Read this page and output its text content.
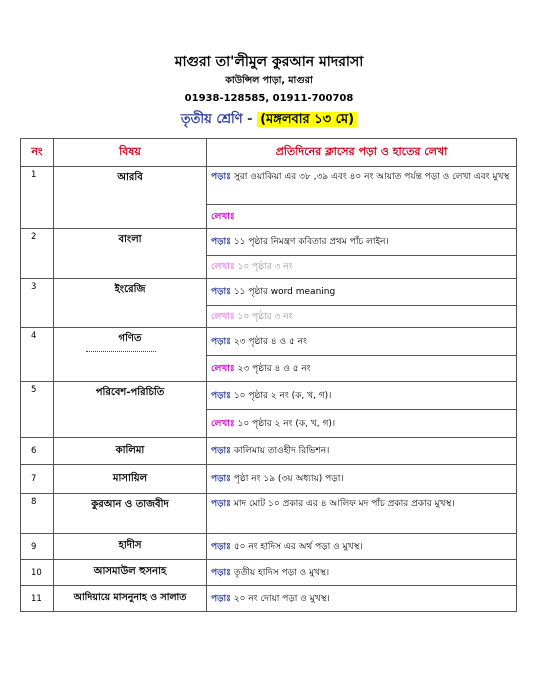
মাগুরা তা'লীমুল কুরআন মাদরাসা
কাউন্সিল পাড়া, মাগুরা
01938-128585, 01911-700708
তৃতীয় শ্রেণি - (মঙ্গলবার ১৩ মে)
নং	বিষয়	প্রতিদিনের ক্লাসের পড়া ও হাতের লেখা
1	আরবি	পড়াঃ সুরা ওয়াকিয়া এর ৩৮ ,৩৯ এবং ৪০ নং আয়াত পর্যন্ত পড়া ও লেখা এবং মুখস্থ
		লেখাঃ
2	বাংলা	পড়াঃ ১১ পৃষ্ঠার নিমন্ত্রণ কবিতার প্রথম পাঁচ লাইন।
		লেখাঃ ১০ পৃষ্ঠার ৩ নং
3	ইংরেজি	পড়াঃ ১১ পৃষ্ঠার word meaning
		লেখাঃ ১০ পৃষ্ঠার ৩ নং
4	গণিত	পড়াঃ ২৩ পৃষ্ঠার ৪ ও ৫ নং
		লেখাঃ ২৩ পৃষ্ঠার ৪ ও ৫ নং
5	পরিবেশ-পরিচিতি	পড়াঃ ১০ পৃষ্ঠার ২ নং (ক, খ, গ)।
		লেখাঃ ১০ পৃষ্ঠার ২ নং (ক, খ, গ)।
6	কালিমা	পড়াঃ কালিমায় তাওহীদ রিভিশন।
7	মাসায়িল	পড়াঃ পৃষ্ঠা নং ১৯ (৩য় অধ্যায়) পড়া।
8	কুরআন ও তাজবীদ	পড়াঃ মাদ মোট ১০ প্রকার এর ৪ আলিফ মদ পাঁচ প্রকার প্রকার মুখস্থ।
9	হাদীস	পড়াঃ ৫০ নং হাদিস এর অর্থ পড়া ও মুখস্থ।
10	আসমাউল হুসনাহ	পড়াঃ তৃতীয় হাদিস পড়া ও মুখস্থ।
11	আদিয়ায়ে মাসনুনাহ ও সালাত	পড়াঃ ২০ নং দোয়া পড়া ও মুখস্থ।
